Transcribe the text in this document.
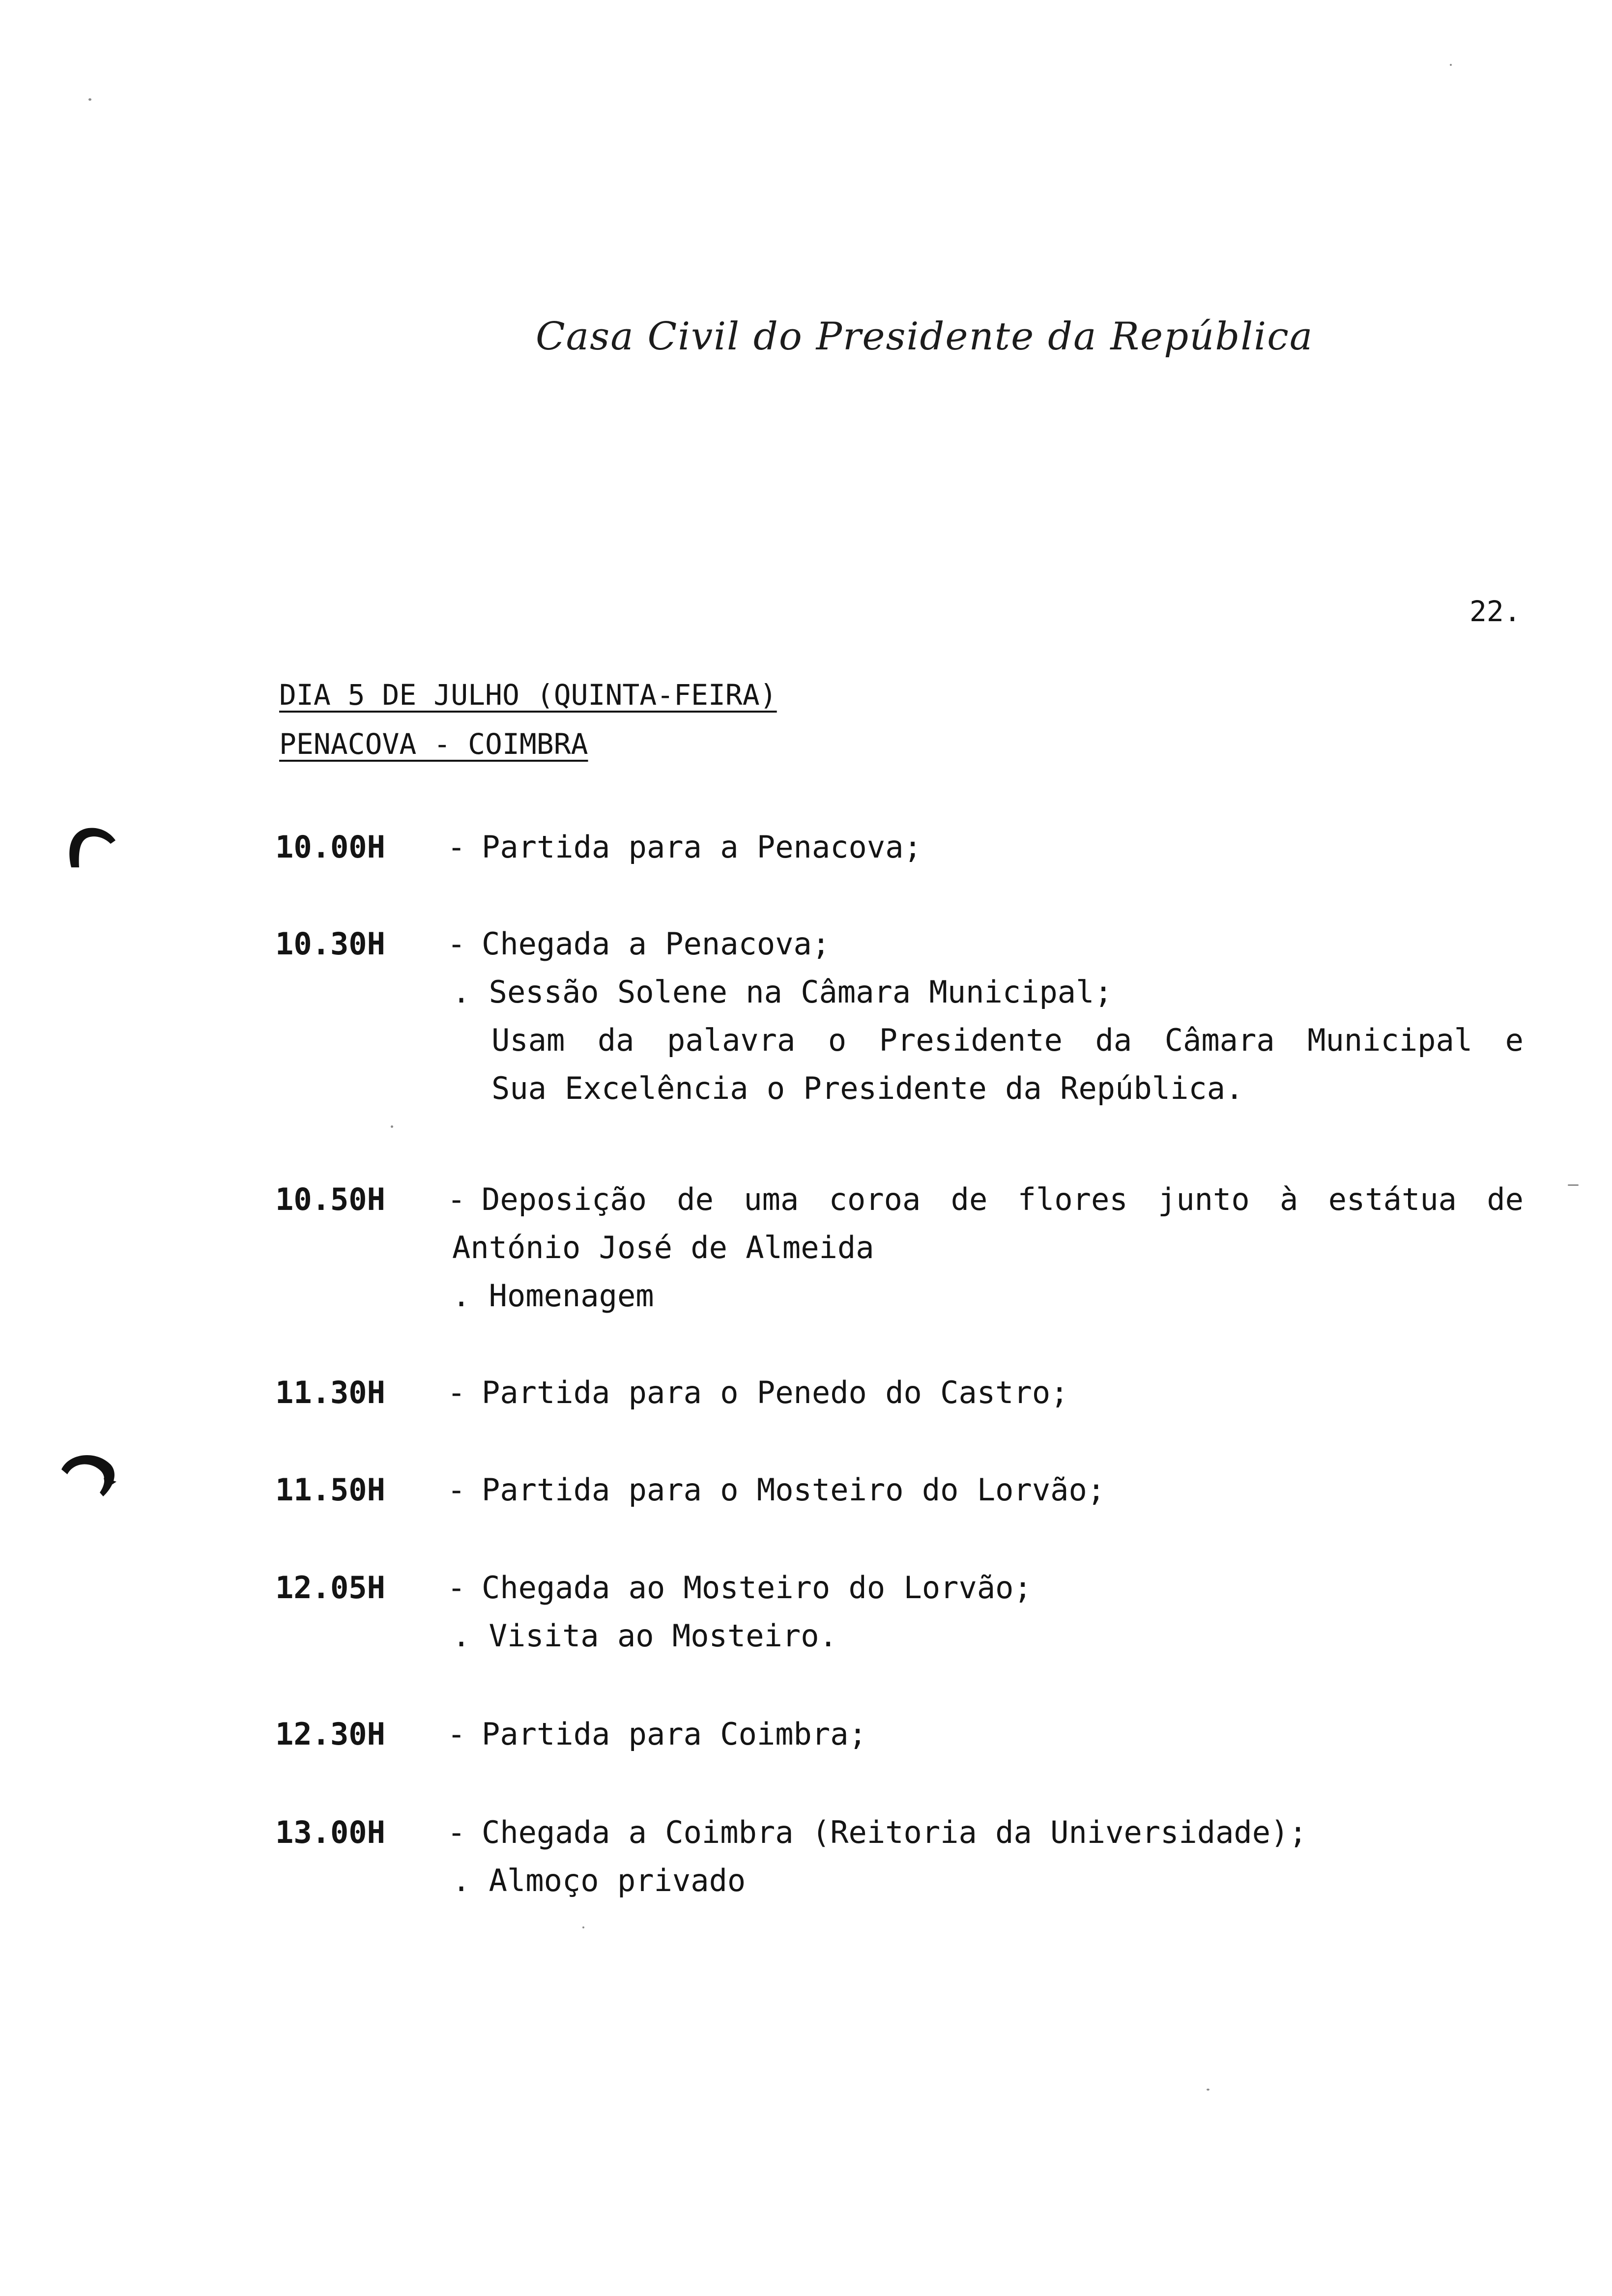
Casa Civil do Presidente da República
22.
DIA 5 DE JULHO (QUINTA-FEIRA)
PENACOVA - COIMBRA
10.00H	- Partida para a Penacova;
10.30H	- Chegada a Penacova;
. Sessão Solene na Câmara Municipal;
Usam da palavra o Presidente da Câmara Municipal e
Sua Excelência o Presidente da República.
10.50H	- Deposição de uma coroa de flores junto à estátua de
António José de Almeida
. Homenagem
11.30H	- Partida para o Penedo do Castro;
11.50H	- Partida para o Mosteiro do Lorvão;
12.05H	- Chegada ao Mosteiro do Lorvão;
. Visita ao Mosteiro.
12.30H	- Partida para Coimbra;
13.00H	- Chegada a Coimbra (Reitoria da Universidade);
. Almoço privado
